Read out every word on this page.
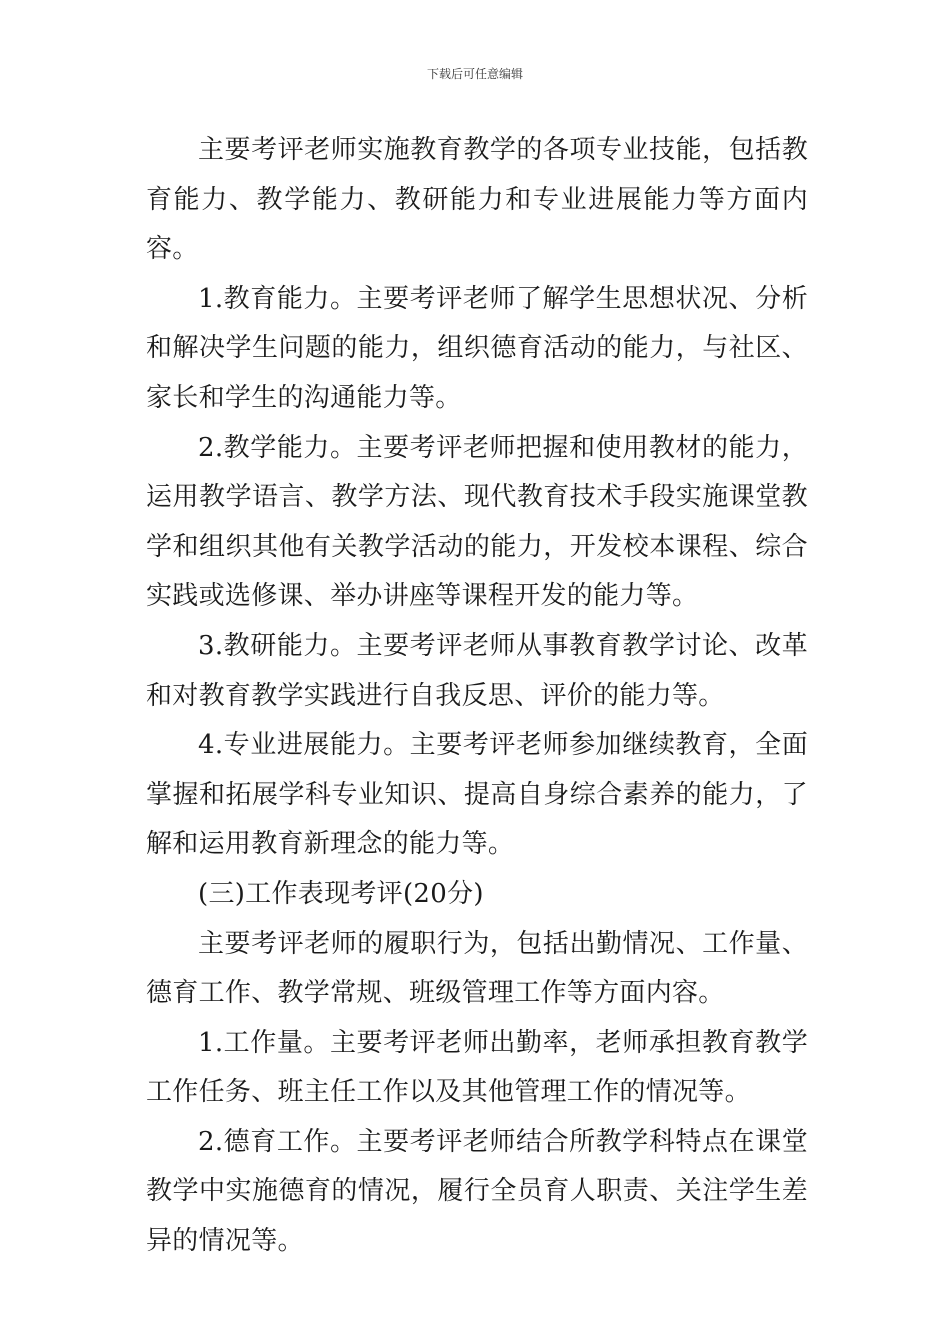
下载后可任意编辑

主要考评老师实施教育教学的各项专业技能，包括教育能力、教学能力、教研能力和专业进展能力等方面内容。

1.教育能力。主要考评老师了解学生思想状况、分析和解决学生问题的能力，组织德育活动的能力，与社区、家长和学生的沟通能力等。

2.教学能力。主要考评老师把握和使用教材的能力，运用教学语言、教学方法、现代教育技术手段实施课堂教学和组织其他有关教学活动的能力，开发校本课程、综合实践或选修课、举办讲座等课程开发的能力等。

3.教研能力。主要考评老师从事教育教学讨论、改革和对教育教学实践进行自我反思、评价的能力等。

4.专业进展能力。主要考评老师参加继续教育，全面掌握和拓展学科专业知识、提高自身综合素养的能力，了解和运用教育新理念的能力等。

(三)工作表现考评(20分)

主要考评老师的履职行为，包括出勤情况、工作量、德育工作、教学常规、班级管理工作等方面内容。

1.工作量。主要考评老师出勤率，老师承担教育教学工作任务、班主任工作以及其他管理工作的情况等。

2.德育工作。主要考评老师结合所教学科特点在课堂教学中实施德育的情况，履行全员育人职责、关注学生差异的情况等。
